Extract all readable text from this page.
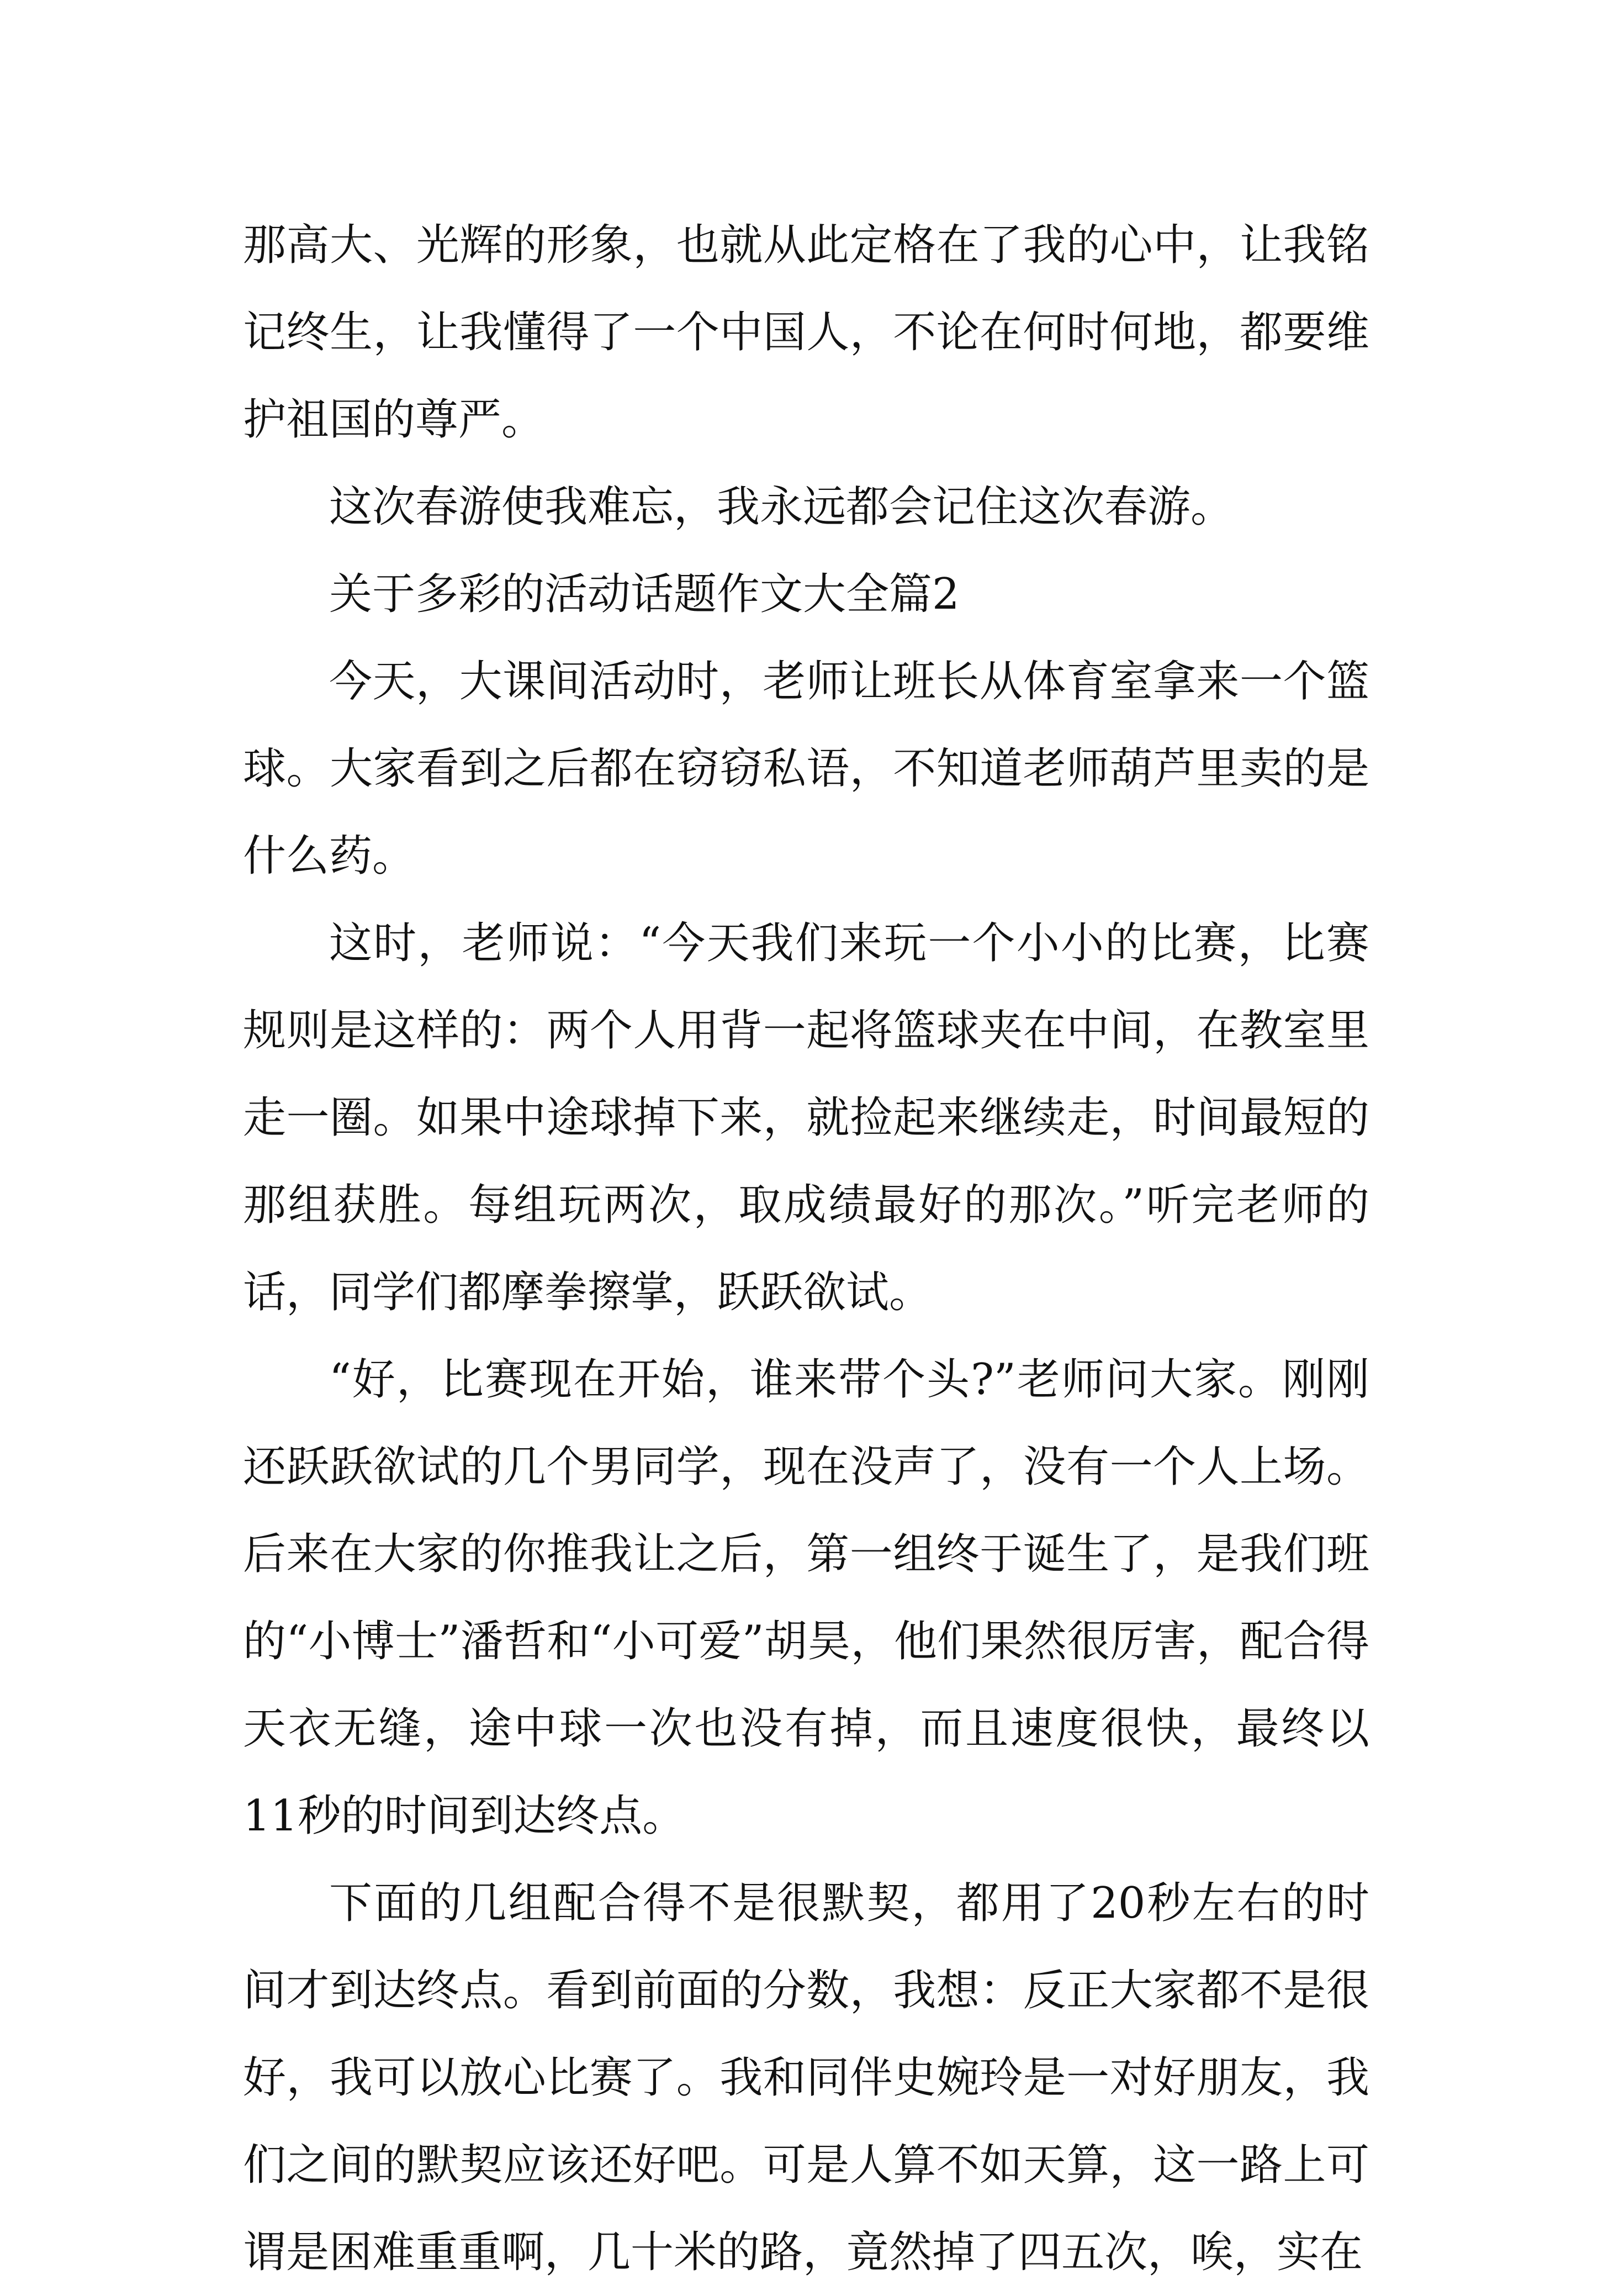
那高大、光辉的形象，也就从此定格在了我的心中，让我铭记终生，让我懂得了一个中国人，不论在何时何地，都要维护祖国的尊严。

这次春游使我难忘，我永远都会记住这次春游。

关于多彩的活动话题作文大全篇2

今天，大课间活动时，老师让班长从体育室拿来一个篮球。大家看到之后都在窃窃私语，不知道老师葫芦里卖的是什么药。

这时，老师说：“今天我们来玩一个小小的比赛，比赛规则是这样的：两个人用背一起将篮球夹在中间，在教室里走一圈。如果中途球掉下来，就捡起来继续走，时间最短的那组获胜。每组玩两次，取成绩最好的那次。”听完老师的话，同学们都摩拳擦掌，跃跃欲试。

“好，比赛现在开始，谁来带个头?”老师问大家。刚刚还跃跃欲试的几个男同学，现在没声了，没有一个人上场。后来在大家的你推我让之后，第一组终于诞生了，是我们班的“小博士”潘哲和“小可爱”胡昊，他们果然很厉害，配合得天衣无缝，途中球一次也没有掉，而且速度很快，最终以11秒的时间到达终点。

下面的几组配合得不是很默契，都用了20秒左右的时间才到达终点。看到前面的分数，我想：反正大家都不是很好，我可以放心比赛了。我和同伴史婉玲是一对好朋友，我们之间的默契应该还好吧。可是人算不如天算，这一路上可谓是困难重重啊，几十米的路，竟然掉了四五次，唉，实在
